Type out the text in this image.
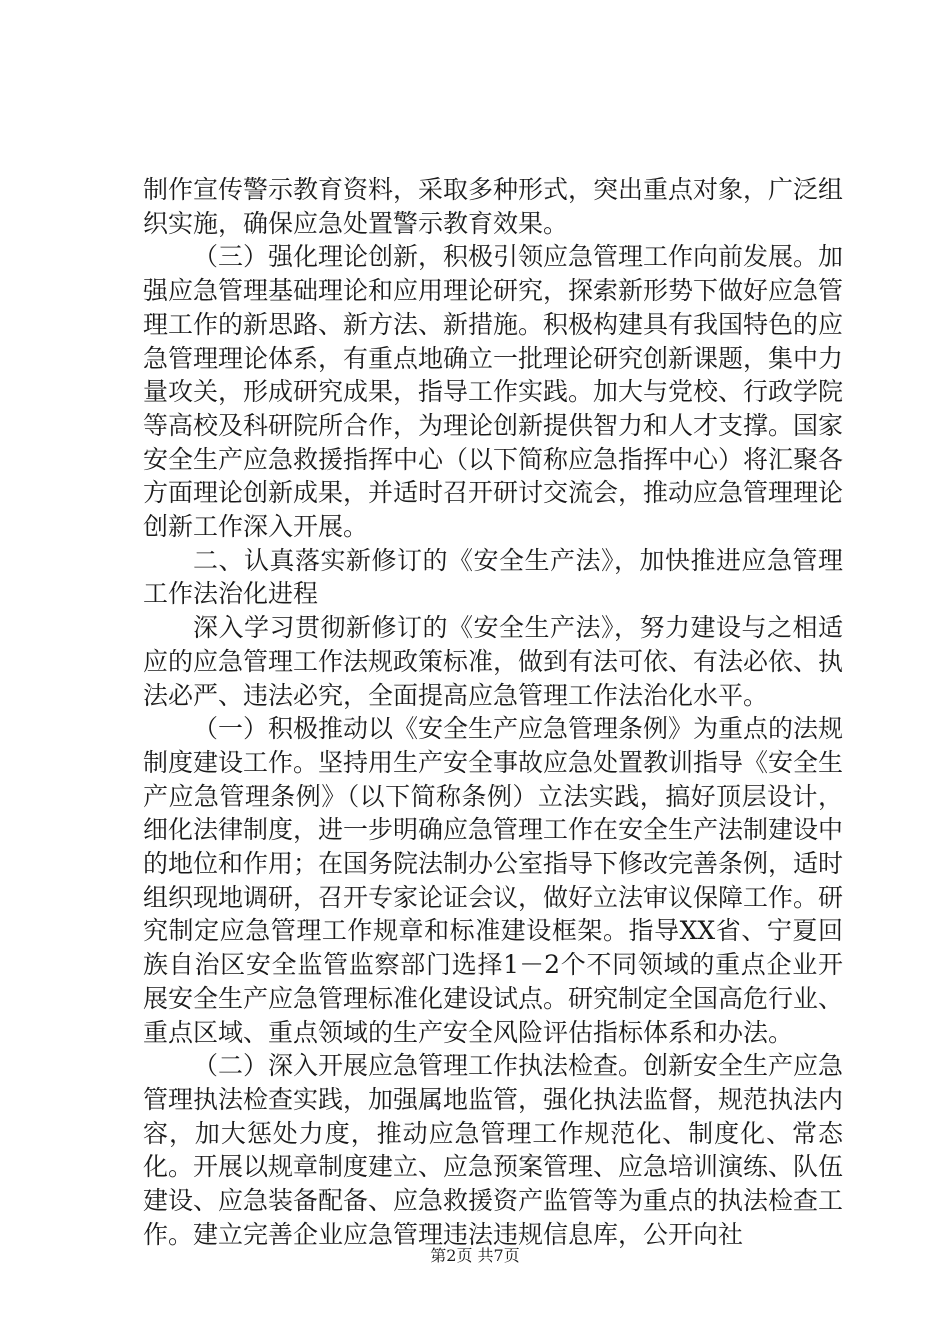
制作宣传警示教育资料，采取多种形式，突出重点对象，广泛组织实施，确保应急处置警示教育效果。

（三）强化理论创新，积极引领应急管理工作向前发展。加强应急管理基础理论和应用理论研究，探索新形势下做好应急管理工作的新思路、新方法、新措施。积极构建具有我国特色的应急管理理论体系，有重点地确立一批理论研究创新课题，集中力量攻关，形成研究成果，指导工作实践。加大与党校、行政学院等高校及科研院所合作，为理论创新提供智力和人才支撑。国家安全生产应急救援指挥中心（以下简称应急指挥中心）将汇聚各方面理论创新成果，并适时召开研讨交流会，推动应急管理理论创新工作深入开展。

二、认真落实新修订的《安全生产法》，加快推进应急管理工作法治化进程

深入学习贯彻新修订的《安全生产法》，努力建设与之相适应的应急管理工作法规政策标准，做到有法可依、有法必依、执法必严、违法必究，全面提高应急管理工作法治化水平。

（一）积极推动以《安全生产应急管理条例》为重点的法规制度建设工作。坚持用生产安全事故应急处置教训指导《安全生产应急管理条例》（以下简称条例）立法实践，搞好顶层设计，细化法律制度，进一步明确应急管理工作在安全生产法制建设中的地位和作用；在国务院法制办公室指导下修改完善条例，适时组织现地调研，召开专家论证会议，做好立法审议保障工作。研究制定应急管理工作规章和标准建设框架。指导XX省、宁夏回族自治区安全监管监察部门选择1－2个不同领域的重点企业开展安全生产应急管理标准化建设试点。研究制定全国高危行业、重点区域、重点领域的生产安全风险评估指标体系和办法。

（二）深入开展应急管理工作执法检查。创新安全生产应急管理执法检查实践，加强属地监管，强化执法监督，规范执法内容，加大惩处力度，推动应急管理工作规范化、制度化、常态化。开展以规章制度建立、应急预案管理、应急培训演练、队伍建设、应急装备配备、应急救援资产监管等为重点的执法检查工作。建立完善企业应急管理违法违规信息库，公开向社

第2页 共7页
